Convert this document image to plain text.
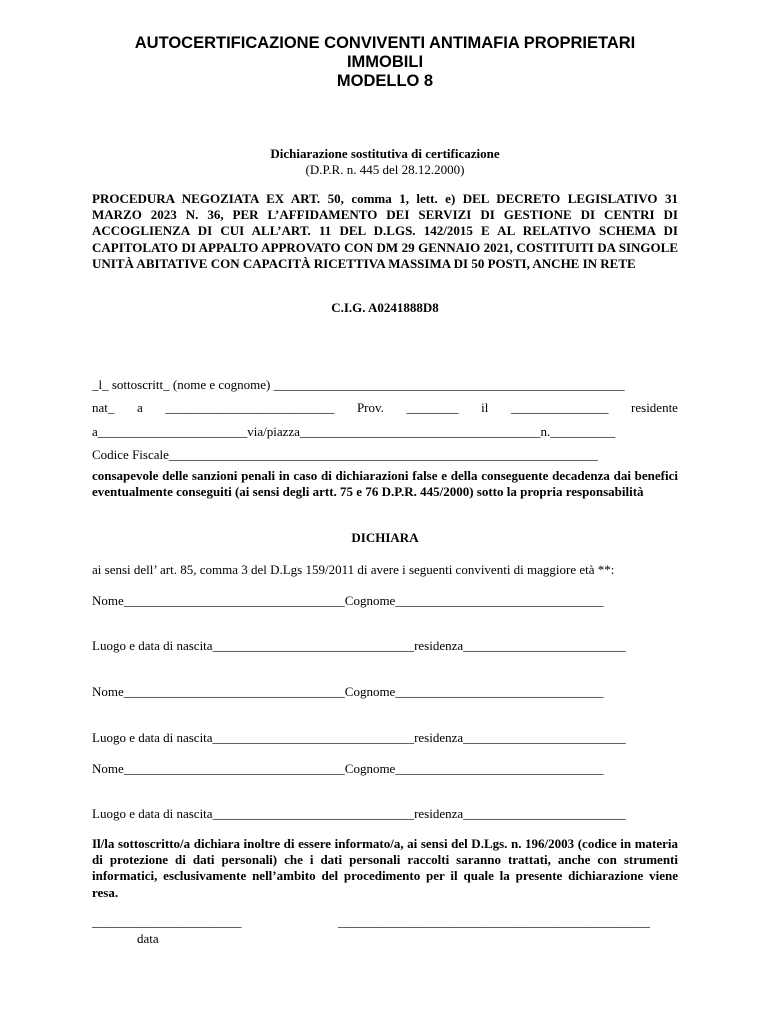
AUTOCERTIFICAZIONE CONVIVENTI ANTIMAFIA PROPRIETARI
IMMOBILI
MODELLO 8
Dichiarazione sostitutiva di certificazione
(D.P.R. n. 445 del 28.12.2000)
PROCEDURA NEGOZIATA EX ART. 50, comma 1, lett. e) DEL DECRETO LEGISLATIVO 31 MARZO 2023 N. 36, PER L’AFFIDAMENTO DEI SERVIZI DI GESTIONE DI CENTRI DI ACCOGLIENZA DI CUI ALL’ART. 11 DEL D.LGS. 142/2015 E AL RELATIVO SCHEMA DI CAPITOLATO DI APPALTO APPROVATO CON DM 29 GENNAIO 2021, COSTITUITI DA SINGOLE UNITÀ ABITATIVE CON CAPACITÀ RICETTIVA MASSIMA DI 50 POSTI, ANCHE IN RETE
C.I.G. A0241888D8
_l_ sottoscritt_ (nome e cognome) ______________________________________________________
nat_ a __________________________ Prov. ________ il _______________ residente
a_______________________via/piazza_____________________________________n.__________
Codice Fiscale__________________________________________________________________
consapevole delle sanzioni penali in caso di dichiarazioni false e della conseguente decadenza dai benefici eventualmente conseguiti (ai sensi degli artt. 75 e 76 D.P.R. 445/2000) sotto la propria responsabilità
DICHIARA
ai sensi dell’ art. 85, comma 3 del D.Lgs 159/2011 di avere i seguenti conviventi di maggiore età **:
Nome__________________________________Cognome________________________________
Luogo e data di nascita_______________________________residenza_________________________
Nome__________________________________Cognome________________________________
Luogo e data di nascita_______________________________residenza_________________________
Nome__________________________________Cognome________________________________
Luogo e data di nascita_______________________________residenza_________________________
Il/la sottoscritto/a dichiara inoltre di essere informato/a, ai sensi del D.Lgs. n. 196/2003 (codice in materia di protezione di dati personali) che i dati personali raccolti saranno trattati, anche con strumenti informatici, esclusivamente nell’ambito del procedimento per il quale la presente dichiarazione viene resa.
_______________________	________________________________________________
data
